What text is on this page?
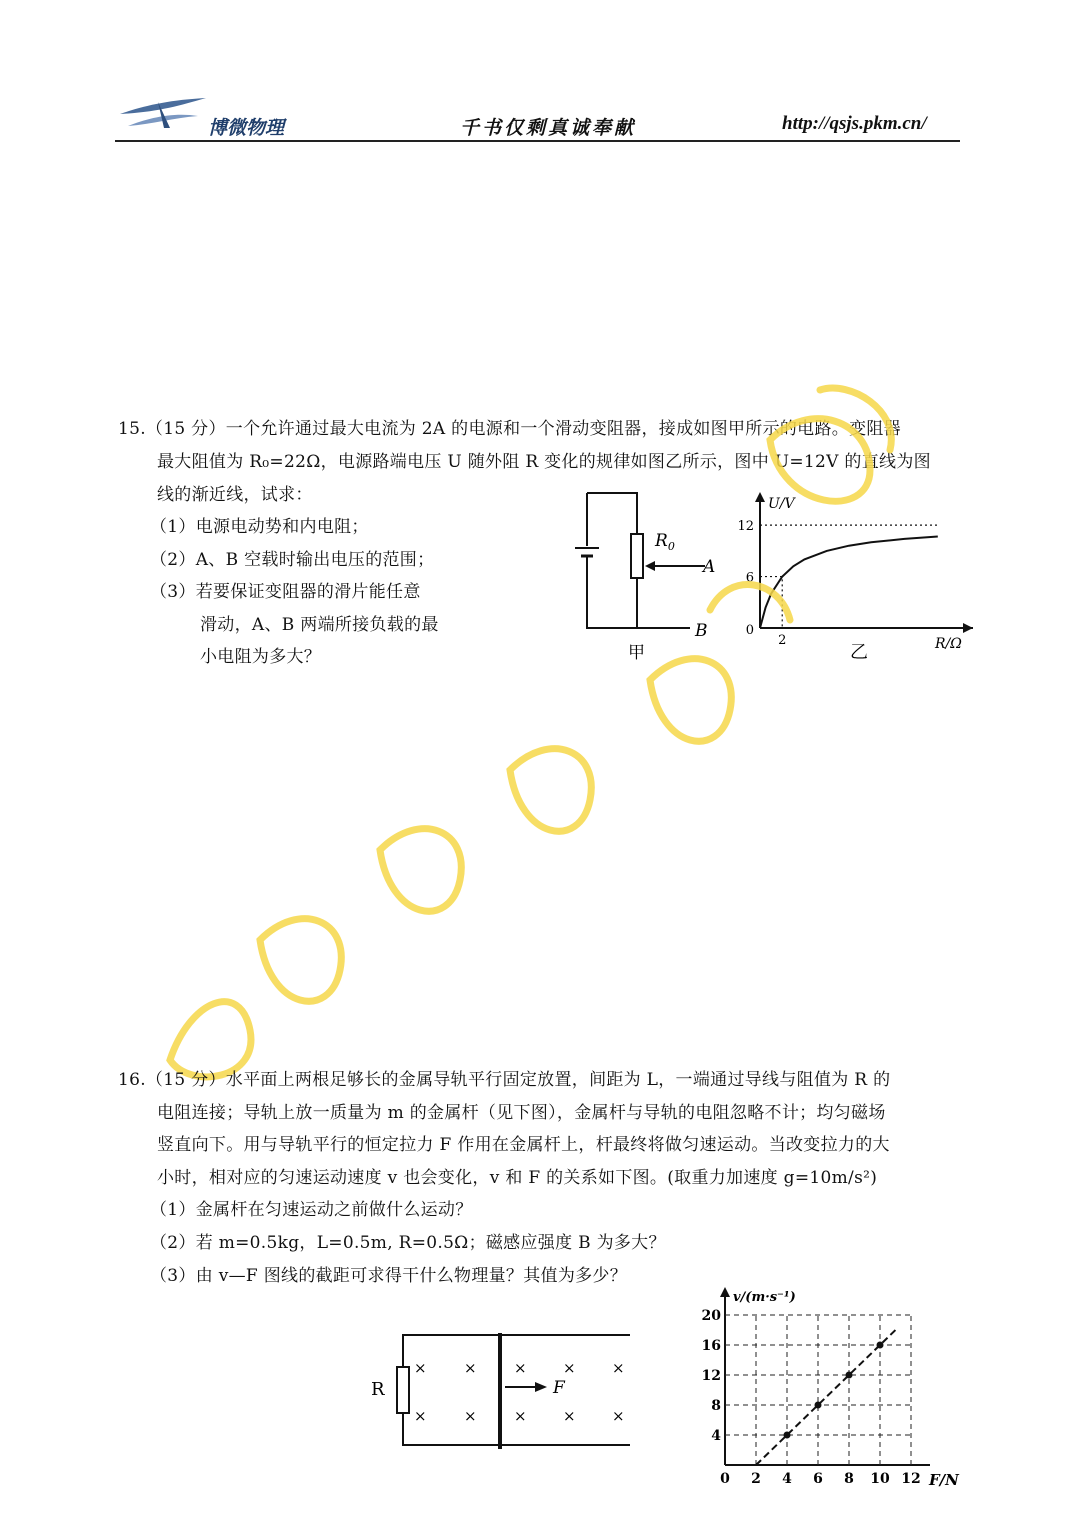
博微物理	千书仅剩真诚奉献	http://qsjs.pkm.cn/
15.（15 分）一个允许通过最大电流为 2A 的电源和一个滑动变阻器，接成如图甲所示的电路。变阻器
最大阻值为 R₀=22Ω，电源路端电压 U 随外阻 R 变化的规律如图乙所示，图中 U=12V 的直线为图
线的渐近线，试求：
（1）电源电动势和内电阻；
（2）A、B 空载时输出电压的范围；
（3）若要保证变阻器的滑片能任意
滑动，A、B 两端所接负载的最
小电阻为多大？
$R_0$
A
B
甲
U/V
R/Ω
乙
0
2
6
12
16.（15 分）水平面上两根足够长的金属导轨平行固定放置，间距为 L，一端通过导线与阻值为 R 的
电阻连接；导轨上放一质量为 m 的金属杆（见下图），金属杆与导轨的电阻忽略不计；均匀磁场
竖直向下。用与导轨平行的恒定拉力 F 作用在金属杆上，杆最终将做匀速运动。当改变拉力的大
小时，相对应的匀速运动速度 v 也会变化，v 和 F 的关系如下图。(取重力加速度 g=10m/s²)
（1）金属杆在匀速运动之前做什么运动？
（2）若 m=0.5kg，L=0.5m, R=0.5Ω；磁感应强度 B 为多大？
（3）由 v—F 图线的截距可求得干什么物理量？其值为多少？
R	F
× × × × ×
× × × × ×
v/(m·s⁻¹)
F/N
0 2 4 6 8 10 12
4
8
12
16
20
